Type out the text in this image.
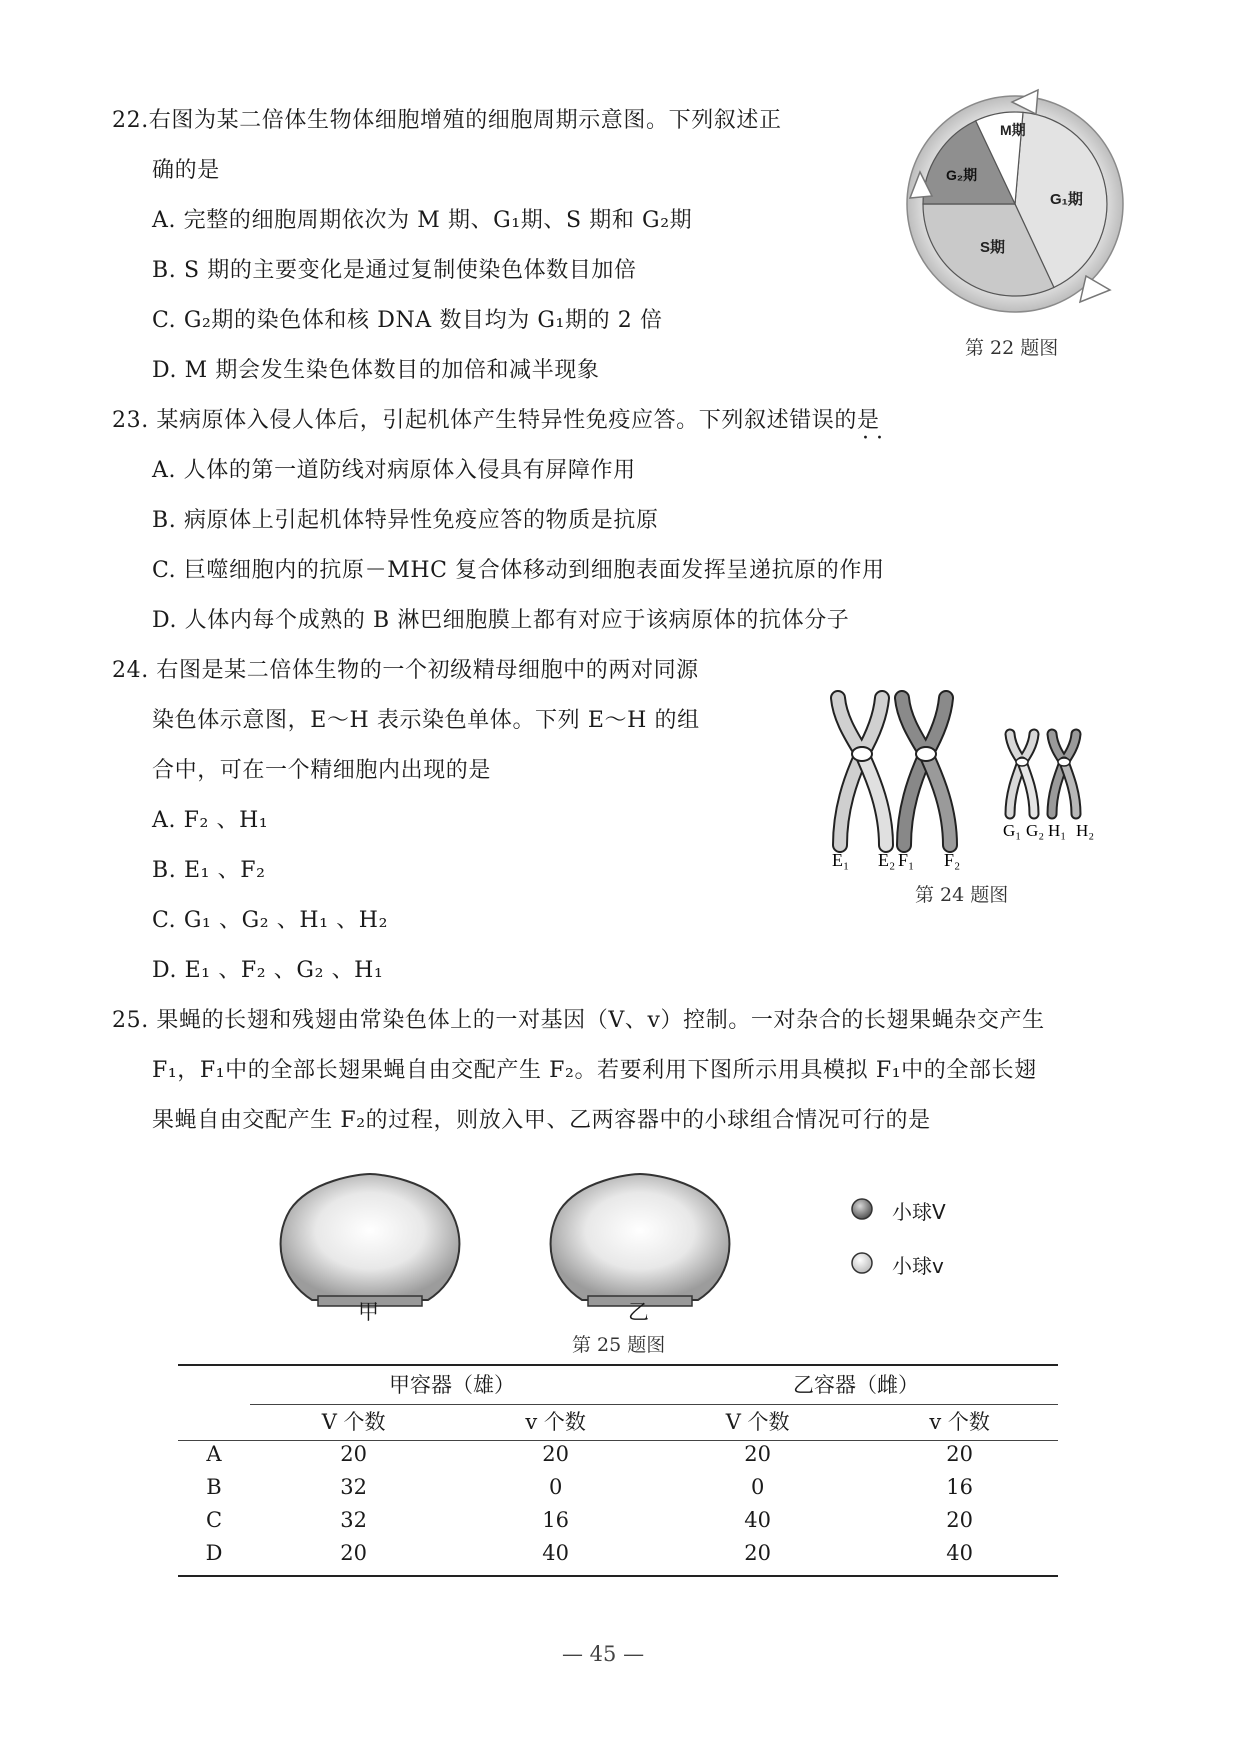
22.右图为某二倍体生物体细胞增殖的细胞周期示意图。下列叙述正
确的是
A. 完整的细胞周期依次为 M 期、G₁期、S 期和 G₂期
B. S 期的主要变化是通过复制使染色体数目加倍
C. G₂期的染色体和核 DNA 数目均为 G₁期的 2 倍
D. M 期会发生染色体数目的加倍和减半现象
M期
G₂期
G₁期
S期
第 22 题图
23. 某病原体入侵人体后，引起机体产生特异性免疫应答。下列叙述错误的是
· ·
A. 人体的第一道防线对病原体入侵具有屏障作用
B. 病原体上引起机体特异性免疫应答的物质是抗原
C. 巨噬细胞内的抗原－MHC 复合体移动到细胞表面发挥呈递抗原的作用
D. 人体内每个成熟的 B 淋巴细胞膜上都有对应于该病原体的抗体分子
24. 右图是某二倍体生物的一个初级精母细胞中的两对同源
染色体示意图，E～H 表示染色单体。下列 E～H 的组
合中，可在一个精细胞内出现的是
A. F₂ 、H₁
B. E₁ 、F₂
C. G₁ 、G₂ 、H₁ 、H₂
D. E₁ 、F₂ 、G₂ 、H₁
E₁ E₂ F₁ F₂
G₁ G₂ H₁ H₂
第 24 题图
25. 果蝇的长翅和残翅由常染色体上的一对基因（V、v）控制。一对杂合的长翅果蝇杂交产生
F₁，F₁中的全部长翅果蝇自由交配产生 F₂。若要利用下图所示用具模拟 F₁中的全部长翅
果蝇自由交配产生 F₂的过程，则放入甲、乙两容器中的小球组合情况可行的是
小球V
小球v
甲	乙
第 25 题图
	甲容器（雄）		乙容器（雌）	
	V 个数	v 个数	V 个数	v 个数
A	20	20	20	20
B	32	0	0	16
C	32	16	40	20
D	20	40	20	40
— 45 —
